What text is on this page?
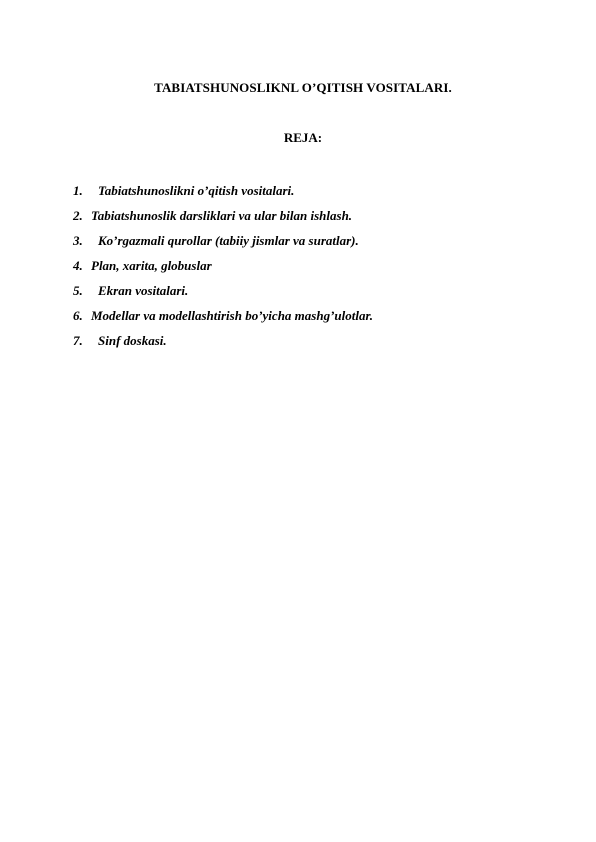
TABIATSHUNOSLIKNL O’QITISH VOSITALARI.
REJA:
1.	Tabiatshunoslikni o’qitish vositalari.
2. Tabiatshunoslik darsliklari va ular bilan ishlash.
3.	Ko’rgazmali qurollar (tabiiy jismlar va suratlar).
4. Plan, xarita, globuslar
5.	Ekran vositalari.
6. Modellar va modellashtirish bo’yicha mashg’ulotlar.
7.	Sinf doskasi.
